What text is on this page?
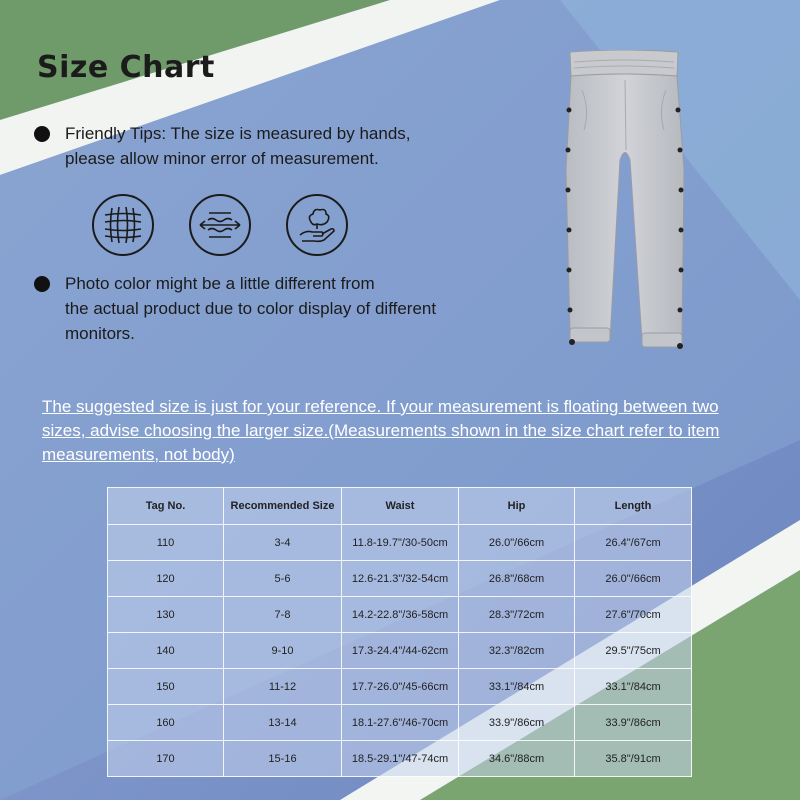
Size Chart
Friendly Tips: The size is measured by hands,
please allow minor error of measurement.
Photo color might be a little different from
the actual product due to color display of different
monitors.
The suggested size is just for your reference. If your measurement is floating between two sizes, advise choosing the larger size.(Measurements shown in the size chart refer to item measurements, not body)
Tag No.	Recommended Size	Waist	Hip	Length
110	3-4	11.8-19.7"/30-50cm	26.0"/66cm	26.4"/67cm
120	5-6	12.6-21.3"/32-54cm	26.8"/68cm	26.0"/66cm
130	7-8	14.2-22.8"/36-58cm	28.3"/72cm	27.6"/70cm
140	9-10	17.3-24.4"/44-62cm	32.3"/82cm	29.5"/75cm
150	11-12	17.7-26.0"/45-66cm	33.1"/84cm	33.1"/84cm
160	13-14	18.1-27.6"/46-70cm	33.9"/86cm	33.9"/86cm
170	15-16	18.5-29.1"/47-74cm	34.6"/88cm	35.8"/91cm
